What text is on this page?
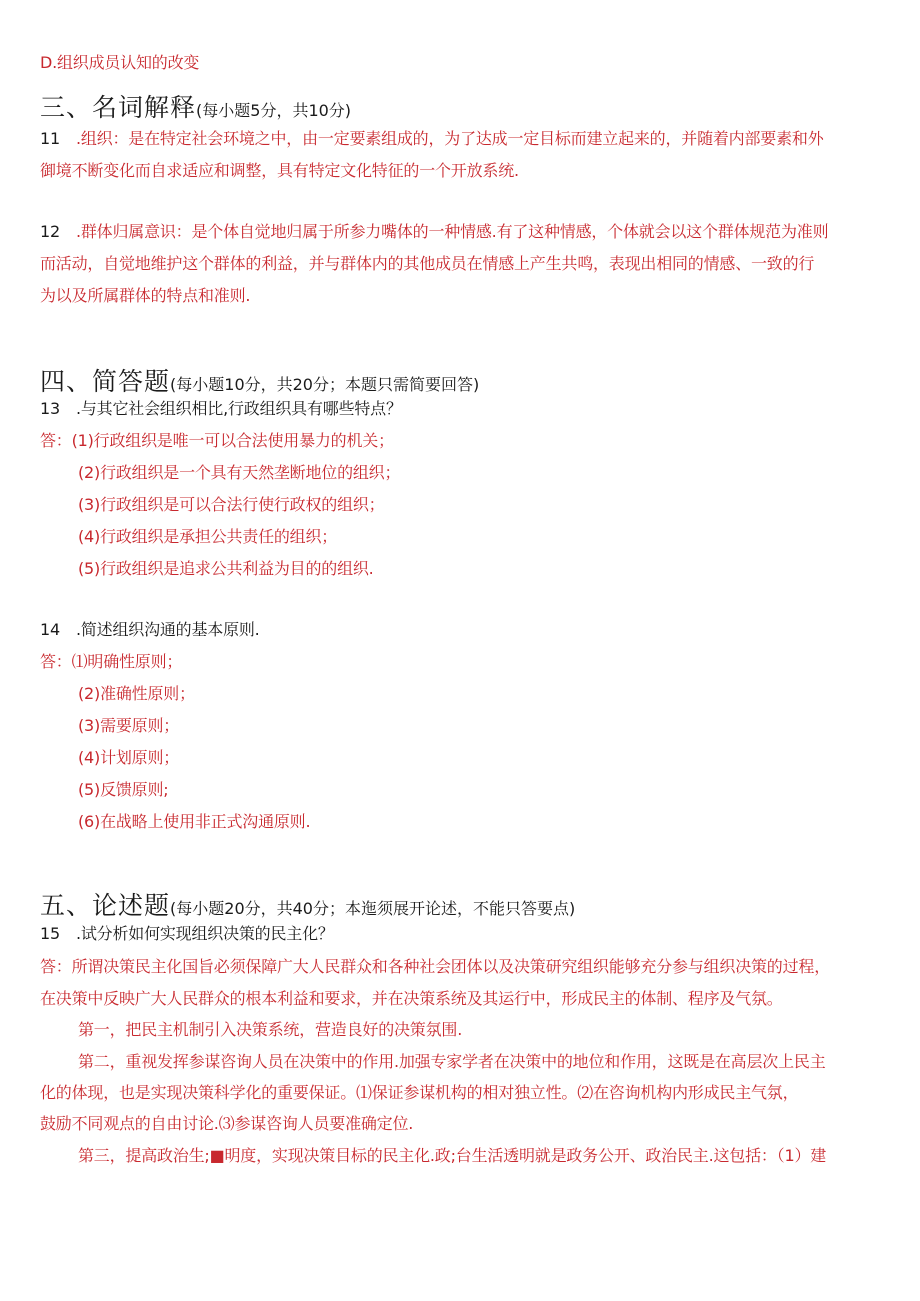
D.组织成员认知的改变
三、名词解释(每小题5分，共10分)
11 .组织：是在特定社会环境之中，由一定要素组成的，为了达成一定目标而建立起来的，并随着内部要素和外
御境不断变化而自求适应和调整，具有特定文化特征的一个开放系统.
12 .群体归属意识：是个体自觉地归属于所参力嘴体的一种情感.有了这种情感，个体就会以这个群体规范为准则
而活动，自觉地维护这个群体的利益，并与群体内的其他成员在情感上产生共鸣，表现出相同的情感、一致的行
为以及所属群体的特点和准则.
四、简答题(每小题10分，共20分；本题只需简要回答)
13 .与其它社会组织相比,行政组织具有哪些特点？
答：(1)行政组织是唯一可以合法使用暴力的机关；
(2)行政组织是一个具有天然垄断地位的组织；
(3)行政组织是可以合法行使行政权的组织；
(4)行政组织是承担公共责任的组织；
(5)行政组织是追求公共利益为目的的组织.
14 .简述组织沟通的基本原则.
答：⑴明确性原则；
(2)准确性原则；
(3)需要原则；
(4)计划原则；
(5)反馈原则;
(6)在战略上使用非正式沟通原则.
五、论述题(每小题20分，共40分；本迤须展开论述，不能只答要点)
15 .试分析如何实现组织决策的民主化？
答：所谓决策民主化国旨必须保障广大人民群众和各种社会团体以及决策研究组织能够充分参与组织决策的过程，
在决策中反映广大人民群众的根本利益和要求，并在决策系统及其运行中，形成民主的体制、程序及气氛。
第一，把民主机制引入决策系统，营造良好的决策氛围.
第二，重视发挥参谋咨询人员在决策中的作用.加强专家学者在决策中的地位和作用，这既是在高层次上民主
化的体现，也是实现决策科学化的重要保证。⑴保证参谋机构的相对独立性。⑵在咨询机构内形成民主气氛，
鼓励不同观点的自由讨论.⑶参谋咨询人员要准确定位.
第三，提高政治生;■明度，实现决策目标的民主化.政;台生活透明就是政务公开、政治民主.这包括：（1）建
